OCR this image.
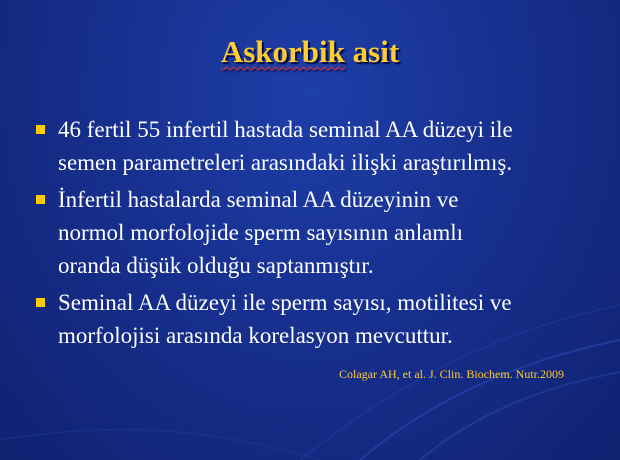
Askorbik asit
46 fertil 55 infertil hastada seminal AA düzeyi ile
semen parametreleri arasındaki ilişki araştırılmış.
İnfertil hastalarda seminal AA düzeyinin ve
normol morfolojide sperm sayısının anlamlı
oranda düşük olduğu saptanmıştır.
Seminal AA düzeyi ile sperm sayısı, motilitesi ve
morfolojisi arasında korelasyon mevcuttur.
Colagar AH, et al. J. Clin. Biochem. Nutr.2009
